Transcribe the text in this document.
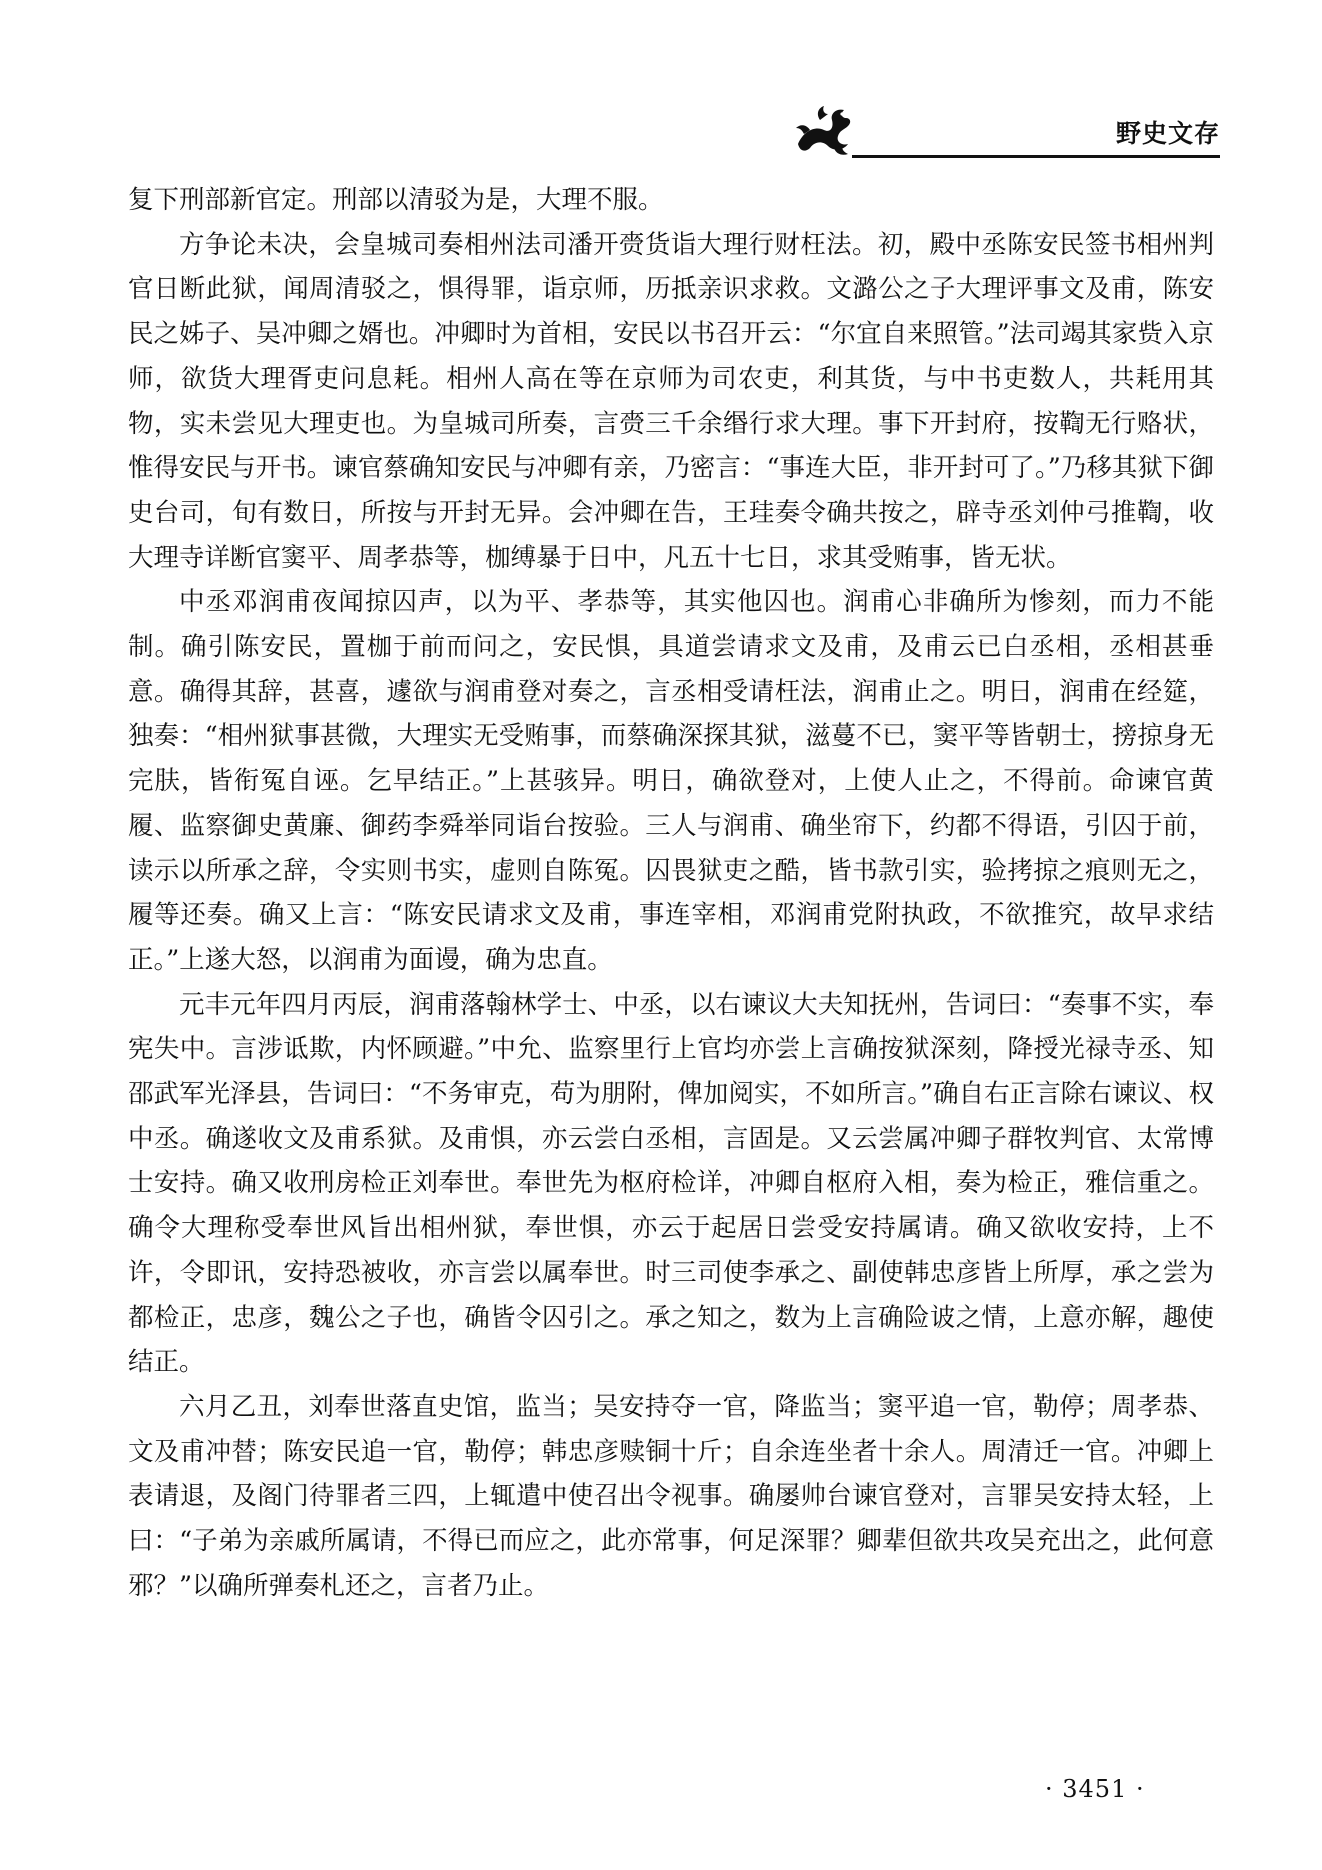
野史文存

复下刑部新官定。刑部以清驳为是，大理不服。

方争论未决，会皇城司奏相州法司潘开赍货诣大理行财枉法。初，殿中丞陈安民签书相州判官日断此狱，闻周清驳之，惧得罪，诣京师，历抵亲识求救。文潞公之子大理评事文及甫，陈安民之姊子、吴冲卿之婿也。冲卿时为首相，安民以书召开云：“尔宜自来照管。”法司竭其家赀入京师，欲货大理胥吏问息耗。相州人高在等在京师为司农吏，利其货，与中书吏数人，共耗用其物，实未尝见大理吏也。为皇城司所奏，言赍三千余缗行求大理。事下开封府，按鞫无行赂状，惟得安民与开书。谏官蔡确知安民与冲卿有亲，乃密言：“事连大臣，非开封可了。”乃移其狱下御史台司，旬有数日，所按与开封无异。会冲卿在告，王珪奏令确共按之，辟寺丞刘仲弓推鞫，收大理寺详断官窦平、周孝恭等，枷缚暴于日中，凡五十七日，求其受贿事，皆无状。

中丞邓润甫夜闻掠囚声，以为平、孝恭等，其实他囚也。润甫心非确所为惨刻，而力不能制。确引陈安民，置枷于前而问之，安民惧，具道尝请求文及甫，及甫云已白丞相，丞相甚垂意。确得其辞，甚喜，遽欲与润甫登对奏之，言丞相受请枉法，润甫止之。明日，润甫在经筵，独奏：“相州狱事甚微，大理实无受贿事，而蔡确深探其狱，滋蔓不已，窦平等皆朝士，搒掠身无完肤，皆衔冤自诬。乞早结正。”上甚骇异。明日，确欲登对，上使人止之，不得前。命谏官黄履、监察御史黄廉、御药李舜举同诣台按验。三人与润甫、确坐帘下，约都不得语，引囚于前，读示以所承之辞，令实则书实，虚则自陈冤。囚畏狱吏之酷，皆书款引实，验拷掠之痕则无之，履等还奏。确又上言：“陈安民请求文及甫，事连宰相，邓润甫党附执政，不欲推究，故早求结正。”上遂大怒，以润甫为面谩，确为忠直。

元丰元年四月丙辰，润甫落翰林学士、中丞，以右谏议大夫知抚州，告词曰：“奏事不实，奉宪失中。言涉诋欺，内怀顾避。”中允、监察里行上官均亦尝上言确按狱深刻，降授光禄寺丞、知邵武军光泽县，告词曰：“不务审克，苟为朋附，俾加阅实，不如所言。”确自右正言除右谏议、权中丞。确遂收文及甫系狱。及甫惧，亦云尝白丞相，言固是。又云尝属冲卿子群牧判官、太常博士安持。确又收刑房检正刘奉世。奉世先为枢府检详，冲卿自枢府入相，奏为检正，雅信重之。确令大理称受奉世风旨出相州狱，奉世惧，亦云于起居日尝受安持属请。确又欲收安持，上不许，令即讯，安持恐被收，亦言尝以属奉世。时三司使李承之、副使韩忠彦皆上所厚，承之尝为都检正，忠彦，魏公之子也，确皆令囚引之。承之知之，数为上言确险诐之情，上意亦解，趣使结正。

六月乙丑，刘奉世落直史馆，监当；吴安持夺一官，降监当；窦平追一官，勒停；周孝恭、文及甫冲替；陈安民追一官，勒停；韩忠彦赎铜十斤；自余连坐者十余人。周清迁一官。冲卿上表请退，及阁门待罪者三四，上辄遣中使召出令视事。确屡帅台谏官登对，言罪吴安持太轻，上曰：“子弟为亲戚所属请，不得已而应之，此亦常事，何足深罪？卿辈但欲共攻吴充出之，此何意邪？”以确所弹奏札还之，言者乃止。

· 3451 ·
